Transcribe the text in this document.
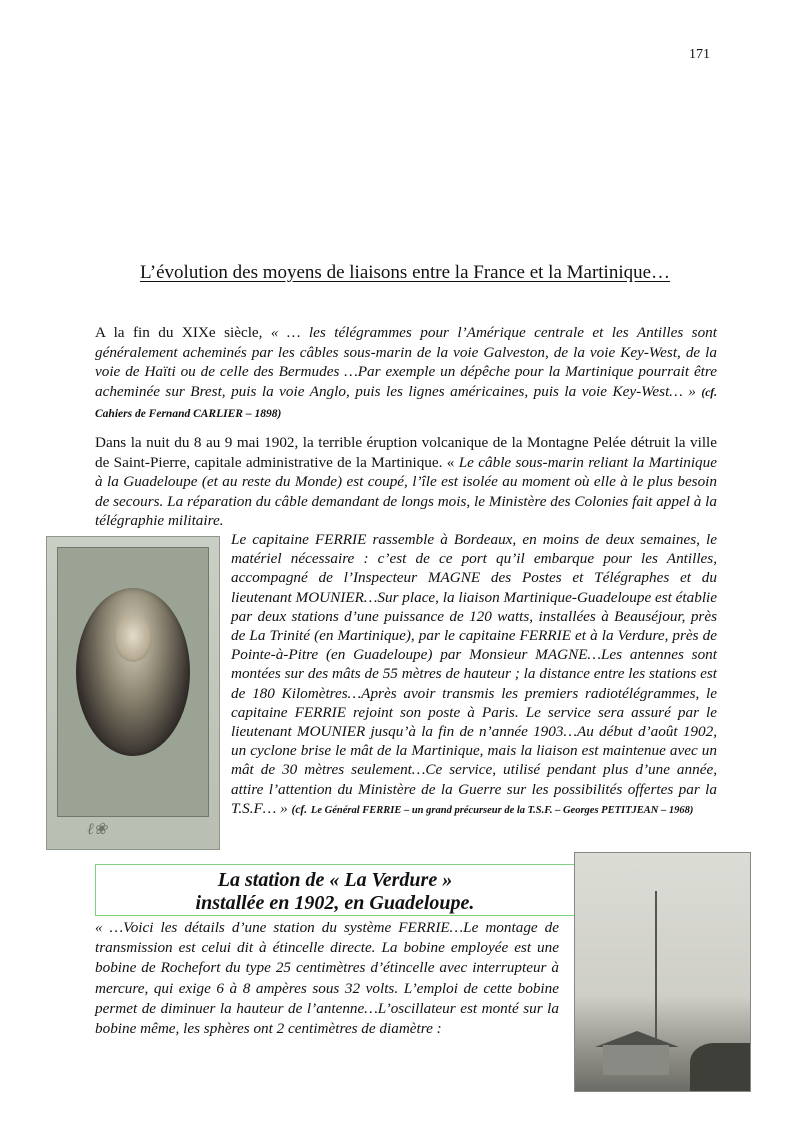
171
L’évolution des moyens de liaisons entre la France et la Martinique…

A la fin du XIXe siècle, « … les télégrammes pour l’Amérique centrale et les Antilles sont généralement acheminés par les câbles sous-marin de la voie Galveston, de la voie Key-West, de la voie de Haïti ou de celle des Bermudes …Par exemple un dépêche pour la Martinique pourrait être acheminée sur Brest, puis la voie Anglo, puis les lignes américaines, puis la voie Key-West… » (cf. Cahiers de Fernand CARLIER – 1898)

Dans la nuit du 8 au 9 mai 1902, la terrible éruption volcanique de la Montagne Pelée détruit la ville de Saint-Pierre, capitale administrative de la Martinique. « Le câble sous-marin reliant la Martinique à la Guadeloupe (et au reste du Monde) est coupé, l’île est isolée au moment où elle à le plus besoin de secours. La réparation du câble demandant de longs mois, le Ministère des Colonies fait appel à la télégraphie militaire.

ℓ❀

Le capitaine FERRIE rassemble à Bordeaux, en moins de deux semaines, le matériel nécessaire : c’est de ce port qu’il embarque pour les Antilles, accompagné de l’Inspecteur MAGNE des Postes et Télégraphes et du lieutenant MOUNIER…Sur place, la liaison Martinique-Guadeloupe est établie par deux stations d’une puissance de 120 watts, installées à Beauséjour, près de La Trinité (en Martinique), par le capitaine FERRIE et à la Verdure, près de Pointe-à-Pitre (en Guadeloupe) par Monsieur MAGNE…Les antennes sont montées sur des mâts de 55 mètres de hauteur ; la distance entre les stations est de 180 Kilomètres…Après avoir transmis les premiers radiotélégrammes, le capitaine FERRIE rejoint son poste à Paris. Le service sera assuré par le lieutenant MOUNIER jusqu’à la fin de n’année 1903…Au début d’août 1902, un cyclone brise le mât de la Martinique, mais la liaison est maintenue avec un mât de 30 mètres seulement…Ce service, utilisé pendant plus d’une année, attire l’attention du Ministère de la Guerre sur les possibilités offertes par la T.S.F… » (cf. Le Général FERRIE – un grand précurseur de la T.S.F. – Georges PETITJEAN – 1968)

La station de « La Verdure »
installée en 1902, en Guadeloupe.

« …Voici les détails d’une station du système FERRIE…Le montage de transmission est celui dit à étincelle directe. La bobine employée est une bobine de Rochefort du type 25 centimètres d’étincelle avec interrupteur à mercure, qui exige 6 à 8 ampères sous 32 volts. L’emploi de cette bobine permet de diminuer la hauteur de l’antenne…L’oscillateur est monté sur la bobine même, les sphères ont 2 centimètres de diamètre :
